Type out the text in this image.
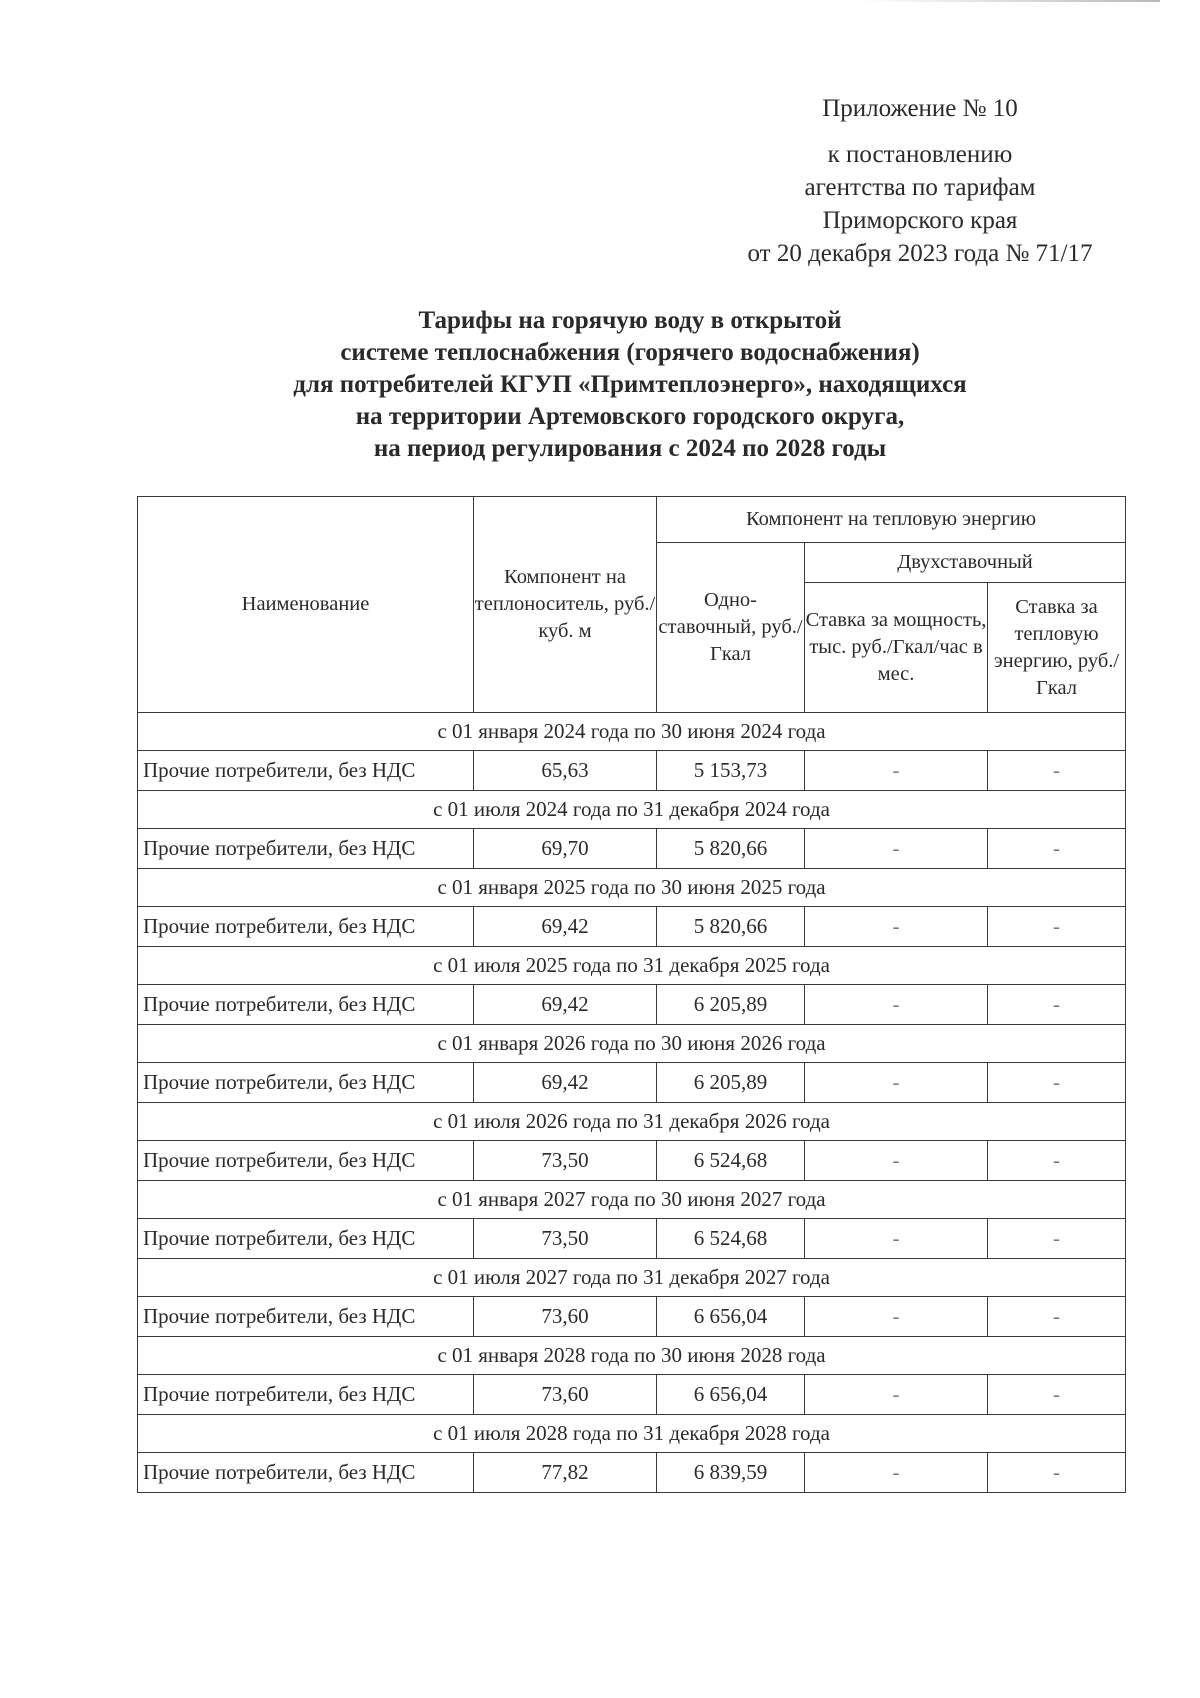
Приложение № 10
к постановлению
агентства по тарифам
Приморского края
от 20 декабря 2023 года № 71/17
Тарифы на горячую воду в открытой
системе теплоснабжения (горячего водоснабжения)
для потребителей КГУП «Примтеплоэнерго», находящихся
на территории Артемовского городского округа,
на период регулирования с 2024 по 2028 годы
Наименование	Компонент на теплоноситель, руб./куб. м	Компонент на тепловую энергию		
		Одно-ставочный, руб./Гкал	Двухставочный	
			Ставка за мощность, тыс. руб./Гкал/час в мес.	Ставка за тепловую энергию, руб./Гкал
с 01 января 2024 года по 30 июня 2024 года				
Прочие потребители, без НДС	65,63	5 153,73	-	-
с 01 июля 2024 года по 31 декабря 2024 года				
Прочие потребители, без НДС	69,70	5 820,66	-	-
с 01 января 2025 года по 30 июня 2025 года				
Прочие потребители, без НДС	69,42	5 820,66	-	-
с 01 июля 2025 года по 31 декабря 2025 года				
Прочие потребители, без НДС	69,42	6 205,89	-	-
с 01 января 2026 года по 30 июня 2026 года				
Прочие потребители, без НДС	69,42	6 205,89	-	-
с 01 июля 2026 года по 31 декабря 2026 года				
Прочие потребители, без НДС	73,50	6 524,68	-	-
с 01 января 2027 года по 30 июня 2027 года				
Прочие потребители, без НДС	73,50	6 524,68	-	-
с 01 июля 2027 года по 31 декабря 2027 года				
Прочие потребители, без НДС	73,60	6 656,04	-	-
с 01 января 2028 года по 30 июня 2028 года				
Прочие потребители, без НДС	73,60	6 656,04	-	-
с 01 июля 2028 года по 31 декабря 2028 года				
Прочие потребители, без НДС	77,82	6 839,59	-	-
